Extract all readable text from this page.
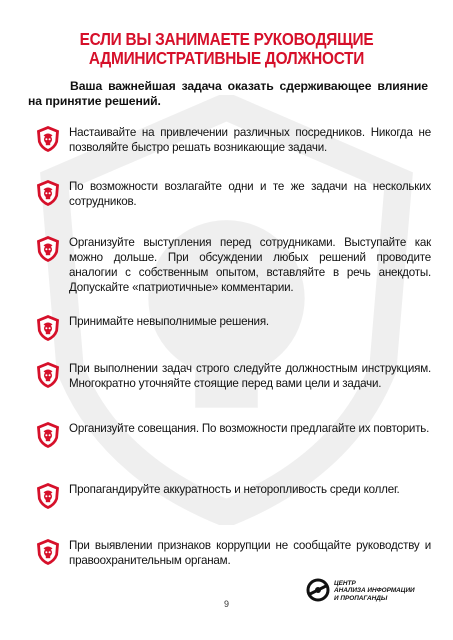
ЕСЛИ ВЫ ЗАНИМАЕТЕ РУКОВОДЯЩИЕ
АДМИНИСТРАТИВНЫЕ ДОЛЖНОСТИ
Ваша важнейшая задача оказать сдерживающее влияние на принятие решений.
Настаивайте на привлечении различных посредников. Никогда не позволяйте быстро решать возникающие задачи.
По возможности возлагайте одни и те же задачи на нескольких сотрудников.
Организуйте выступления перед сотрудниками. Выступайте как можно дольше. При обсуждении любых решений проводите аналогии с собственным опытом, вставляйте в речь анекдоты. Допускайте «патриотичные» комментарии.
Принимайте невыполнимые решения.
При выполнении задач строго следуйте должностным инструкциям. Многократно уточняйте стоящие перед вами цели и задачи.
Организуйте совещания. По возможности предлагайте их повторить.
Пропагандируйте аккуратность и неторопливость среди коллег.
При выявлении признаков коррупции не сообщайте руководству и правоохранительным органам.
ЦЕНТР
АНАЛИЗА ИНФОРМАЦИИ
И ПРОПАГАНДЫ
9
